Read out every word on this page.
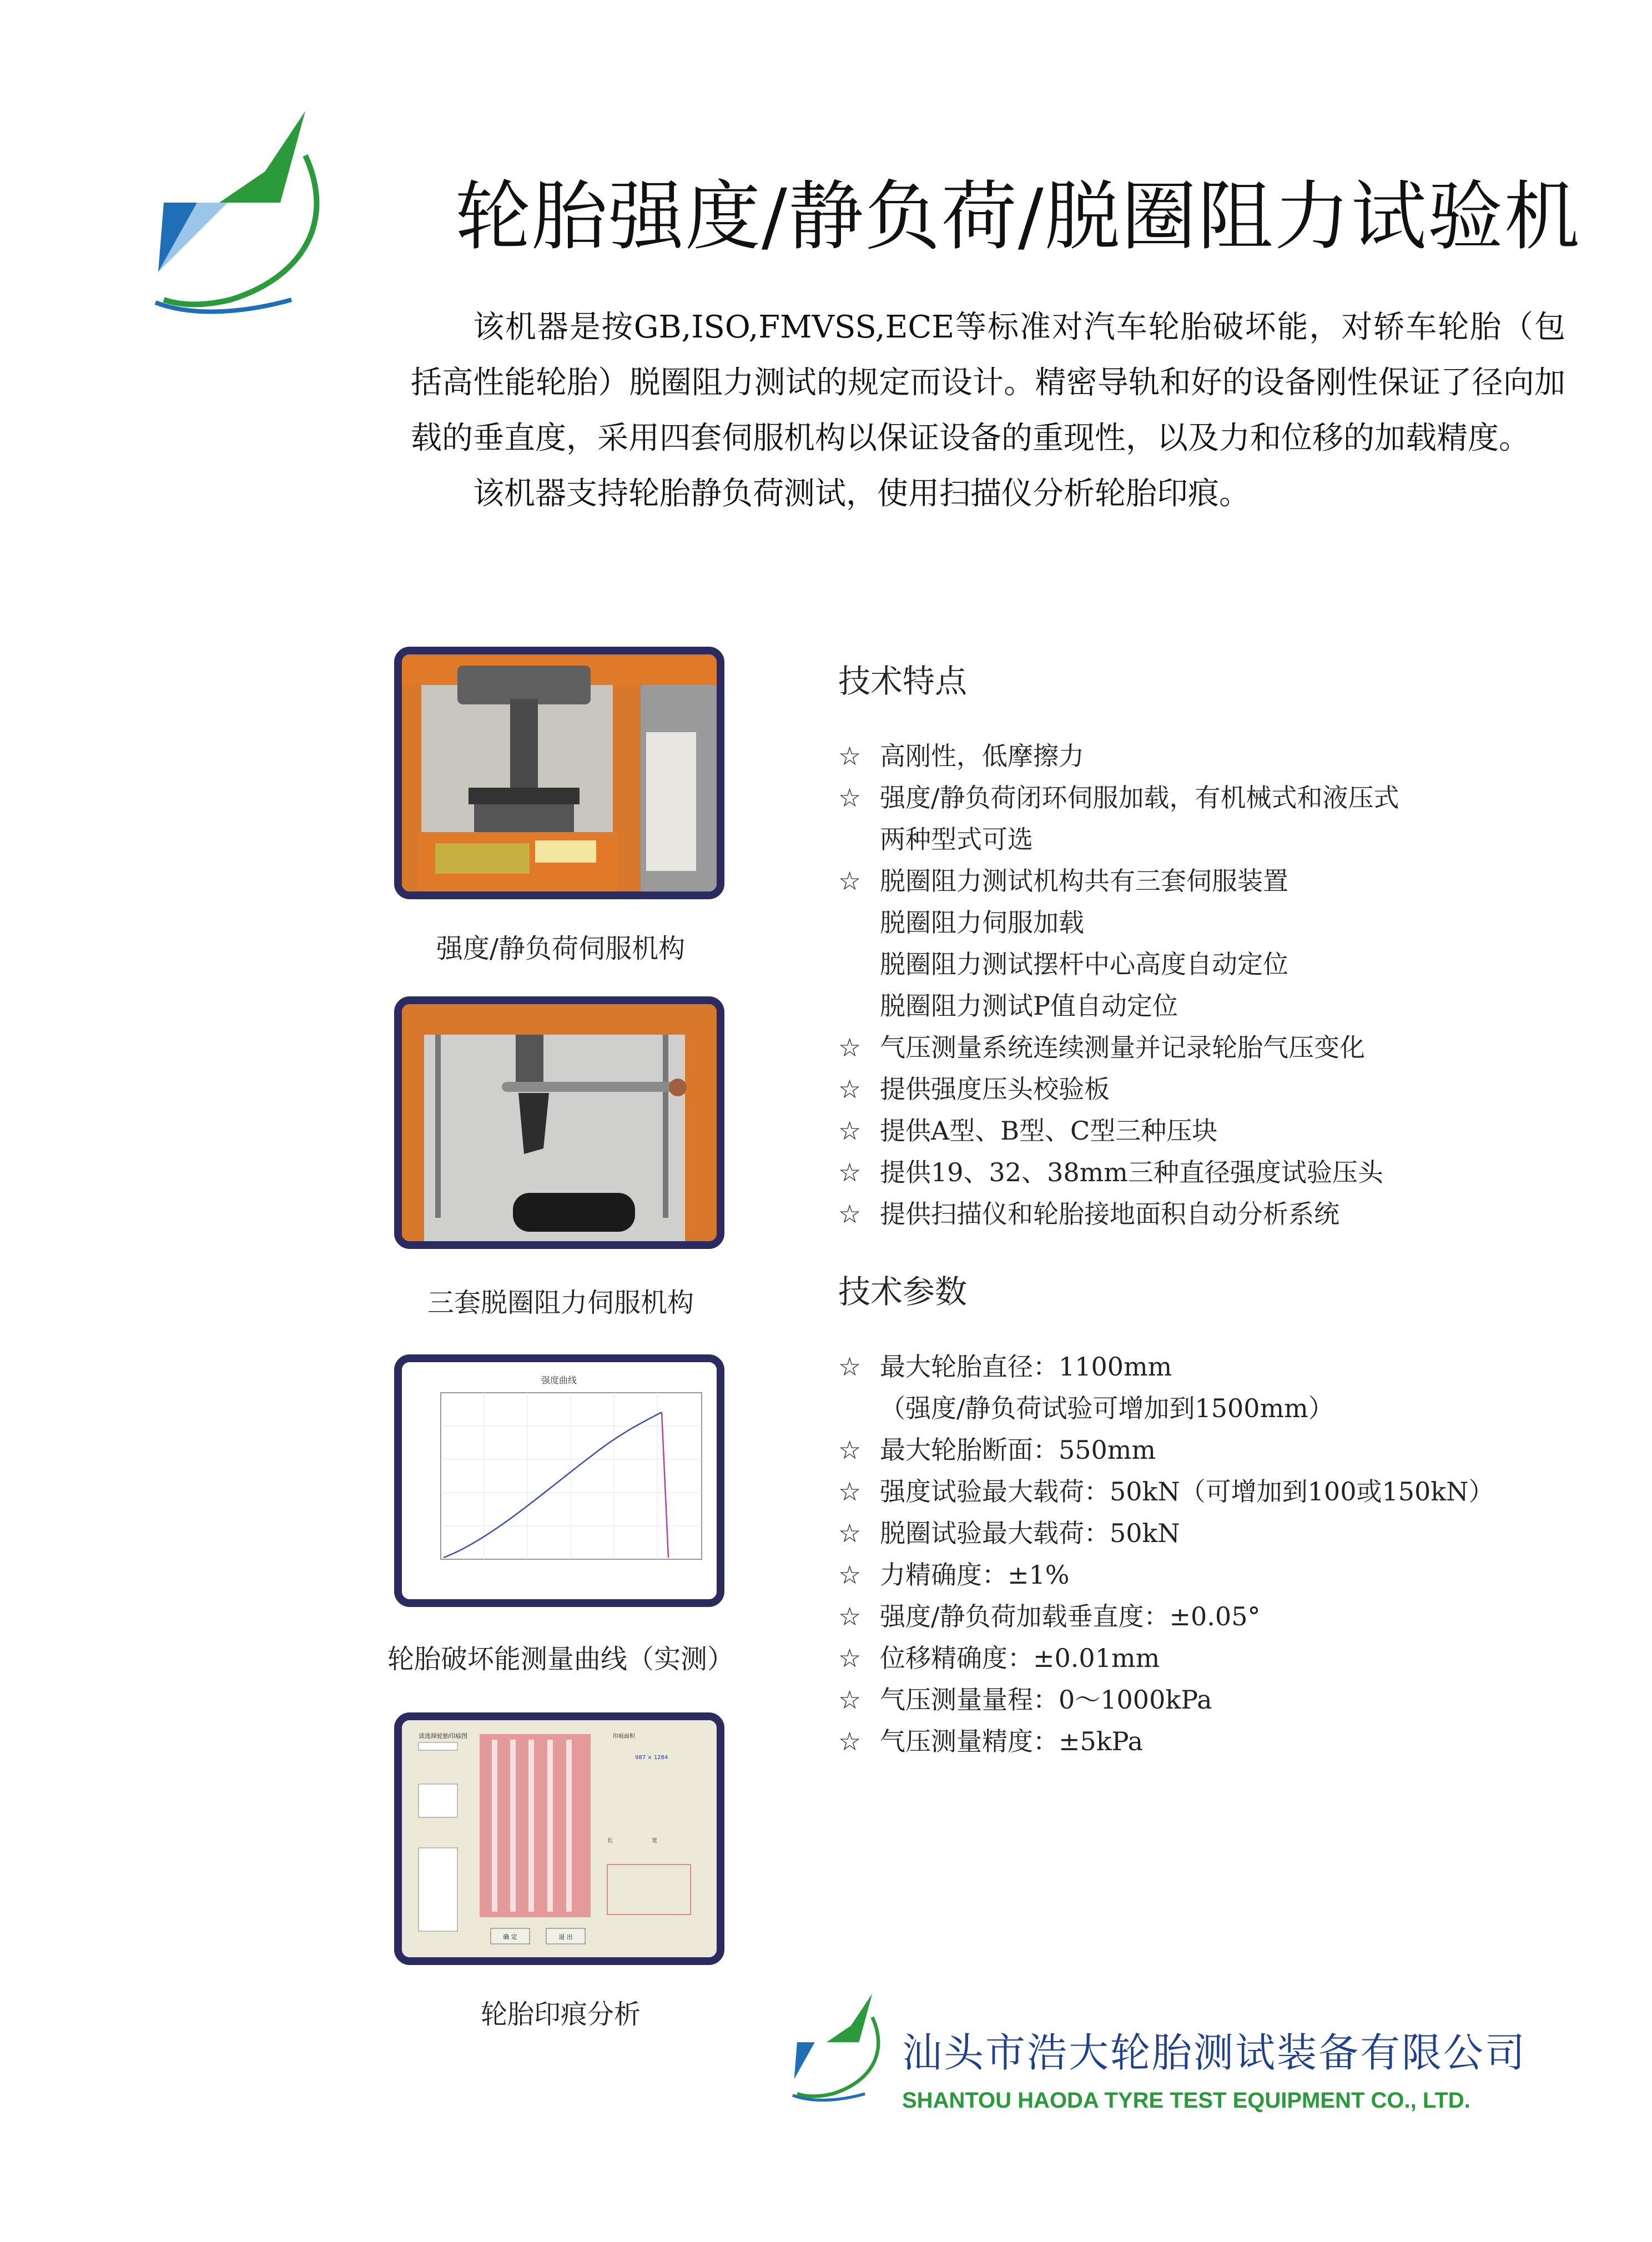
轮胎强度/静负荷/脱圈阻力试验机

该机器是按GB,ISO,FMVSS,ECE等标准对汽车轮胎破坏能，对轿车轮胎（包括高性能轮胎）脱圈阻力测试的规定而设计。精密导轨和好的设备刚性保证了径向加载的垂直度，采用四套伺服机构以保证设备的重现性，以及力和位移的加载精度。

该机器支持轮胎静负荷测试，使用扫描仪分析轮胎印痕。

强度/静负荷伺服机构
三套脱圈阻力伺服机构
强度曲线
轮胎破坏能测量曲线（实测）
读选择轮胎印痕图	印痕面积
987 × 1284
长	宽
确 定	退 出
轮胎印痕分析
技术特点
☆ 高刚性，低摩擦力
☆ 强度/静负荷闭环伺服加载，有机械式和液压式
两种型式可选
☆ 脱圈阻力测试机构共有三套伺服装置
脱圈阻力伺服加载
脱圈阻力测试摆杆中心高度自动定位
脱圈阻力测试P值自动定位
☆ 气压测量系统连续测量并记录轮胎气压变化
☆ 提供强度压头校验板
☆ 提供A型、B型、C型三种压块
☆ 提供19、32、38mm三种直径强度试验压头
☆ 提供扫描仪和轮胎接地面积自动分析系统
技术参数
☆ 最大轮胎直径：1100mm
（强度/静负荷试验可增加到1500mm）
☆ 最大轮胎断面：550mm
☆ 强度试验最大载荷：50kN（可增加到100或150kN）
☆ 脱圈试验最大载荷：50kN
☆ 力精确度：±1%
☆ 强度/静负荷加载垂直度：±0.05°
☆ 位移精确度：±0.01mm
☆ 气压测量量程：0～1000kPa
☆ 气压测量精度：±5kPa
汕头市浩大轮胎测试装备有限公司
SHANTOU HAODA TYRE TEST EQUIPMENT CO., LTD.
